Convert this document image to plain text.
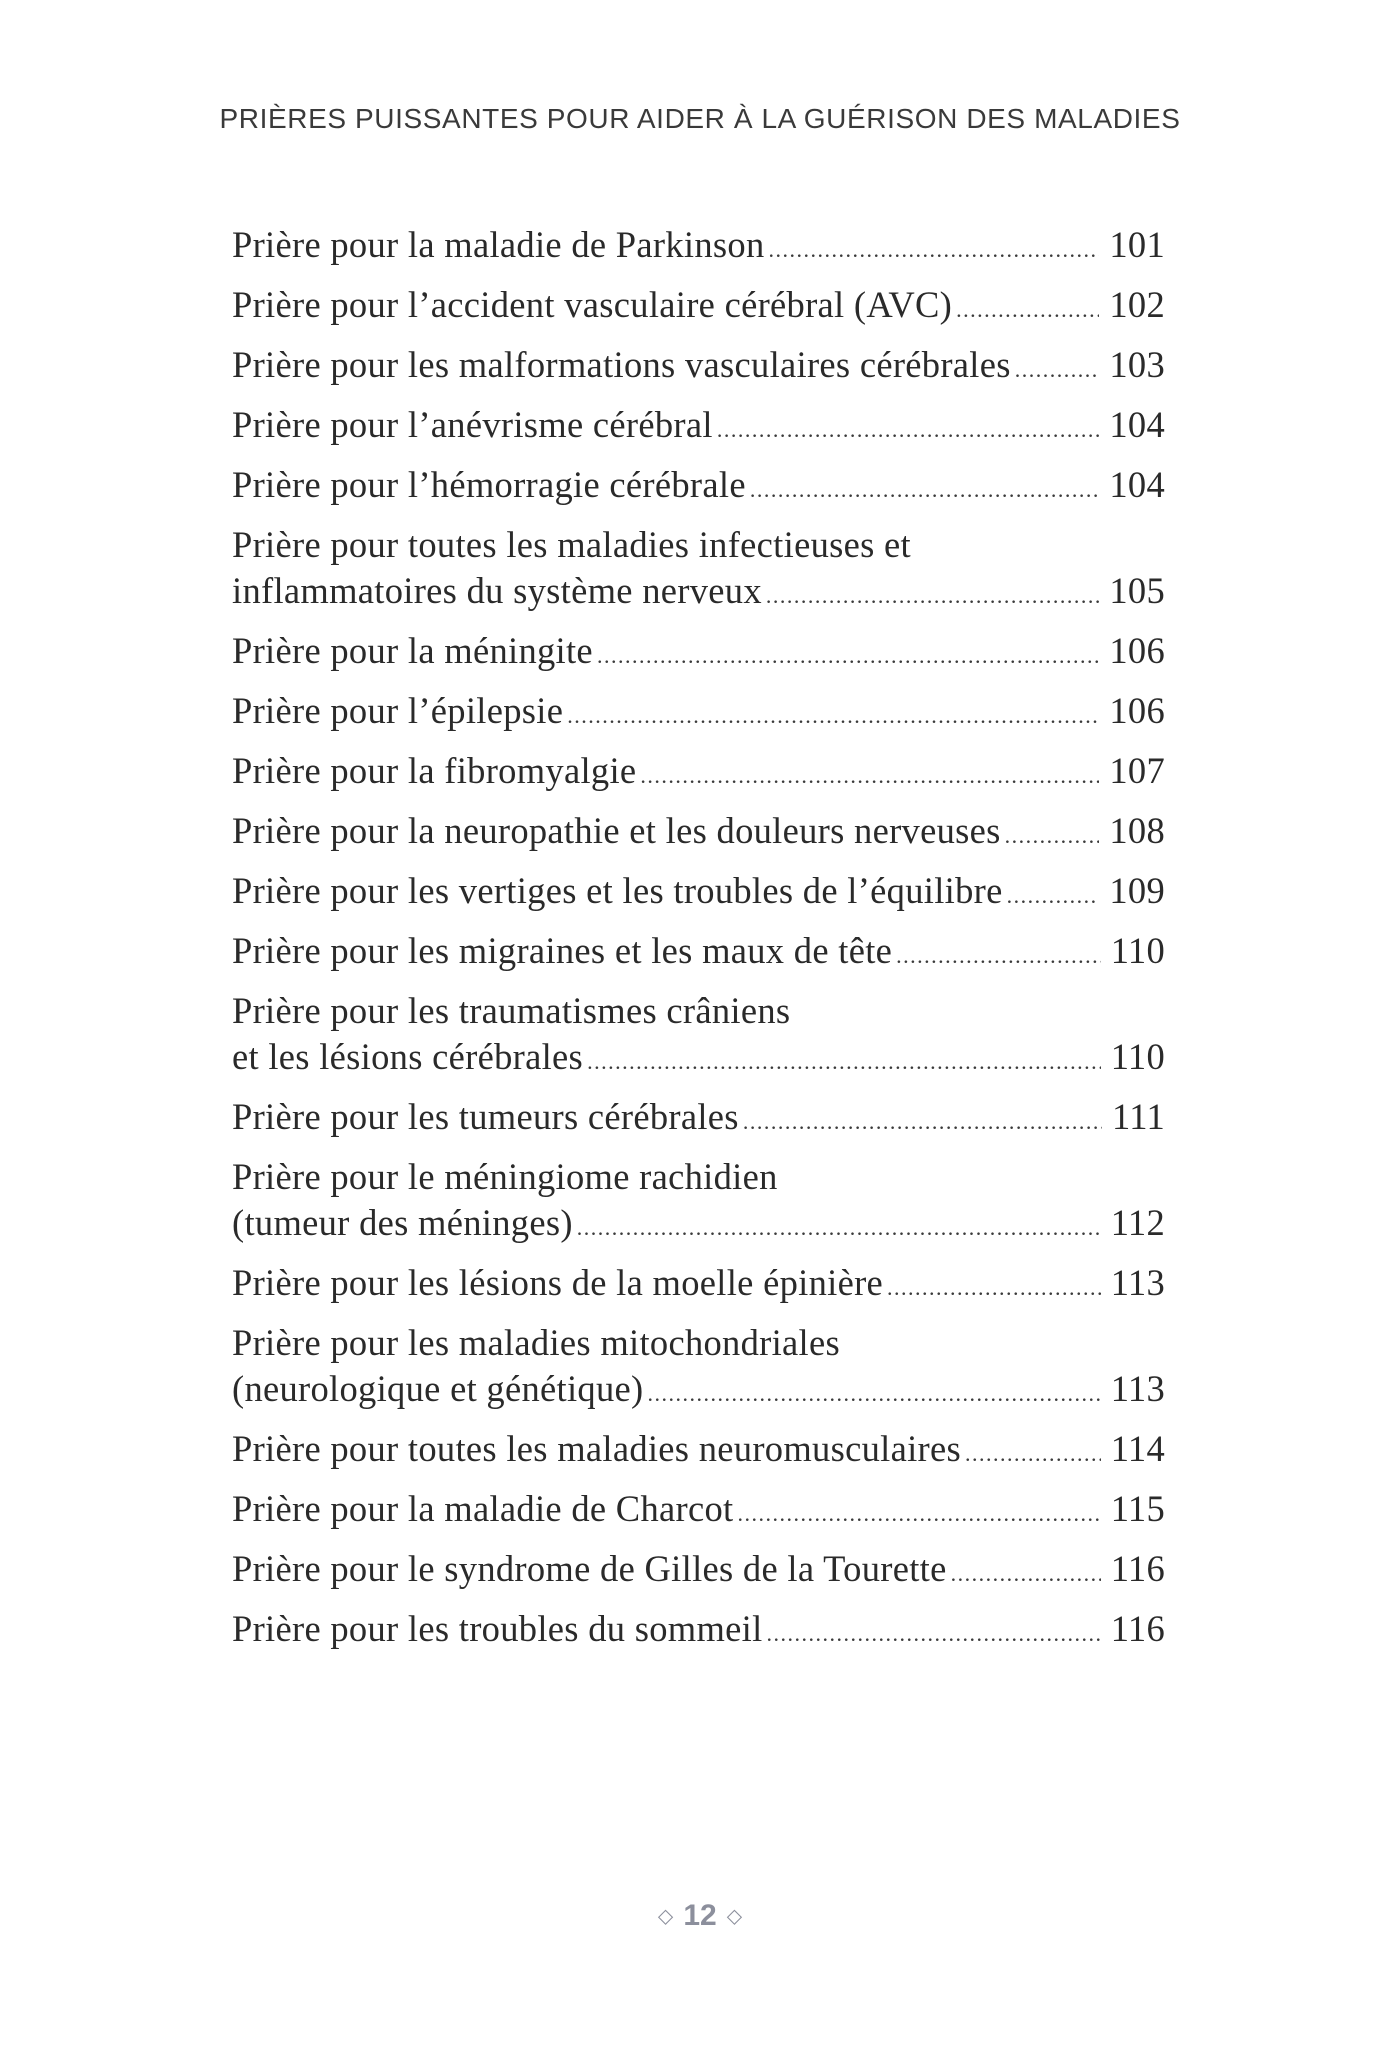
PRIÈRES PUISSANTES POUR AIDER À LA GUÉRISON DES MALADIES
Prière pour la maladie de Parkinson .....	101
Prière pour l’accident vasculaire cérébral (AVC) .....	102
Prière pour les malformations vasculaires cérébrales .....	103
Prière pour l’anévrisme cérébral .....	104
Prière pour l’hémorragie cérébrale .....	104
Prière pour toutes les maladies infectieuses et
inflammatoires du système nerveux .....	105
Prière pour la méningite .....	106
Prière pour l’épilepsie .....	106
Prière pour la fibromyalgie .....	107
Prière pour la neuropathie et les douleurs nerveuses .....	108
Prière pour les vertiges et les troubles de l’équilibre .....	109
Prière pour les migraines et les maux de tête .....	110
Prière pour les traumatismes crâniens
et les lésions cérébrales .....	110
Prière pour les tumeurs cérébrales .....	111
Prière pour le méningiome rachidien
(tumeur des méninges) .....	112
Prière pour les lésions de la moelle épinière .....	113
Prière pour les maladies mitochondriales
(neurologique et génétique) .....	113
Prière pour toutes les maladies neuromusculaires .....	114
Prière pour la maladie de Charcot .....	115
Prière pour le syndrome de Gilles de la Tourette .....	116
Prière pour les troubles du sommeil .....	116
◇ 12 ◇
